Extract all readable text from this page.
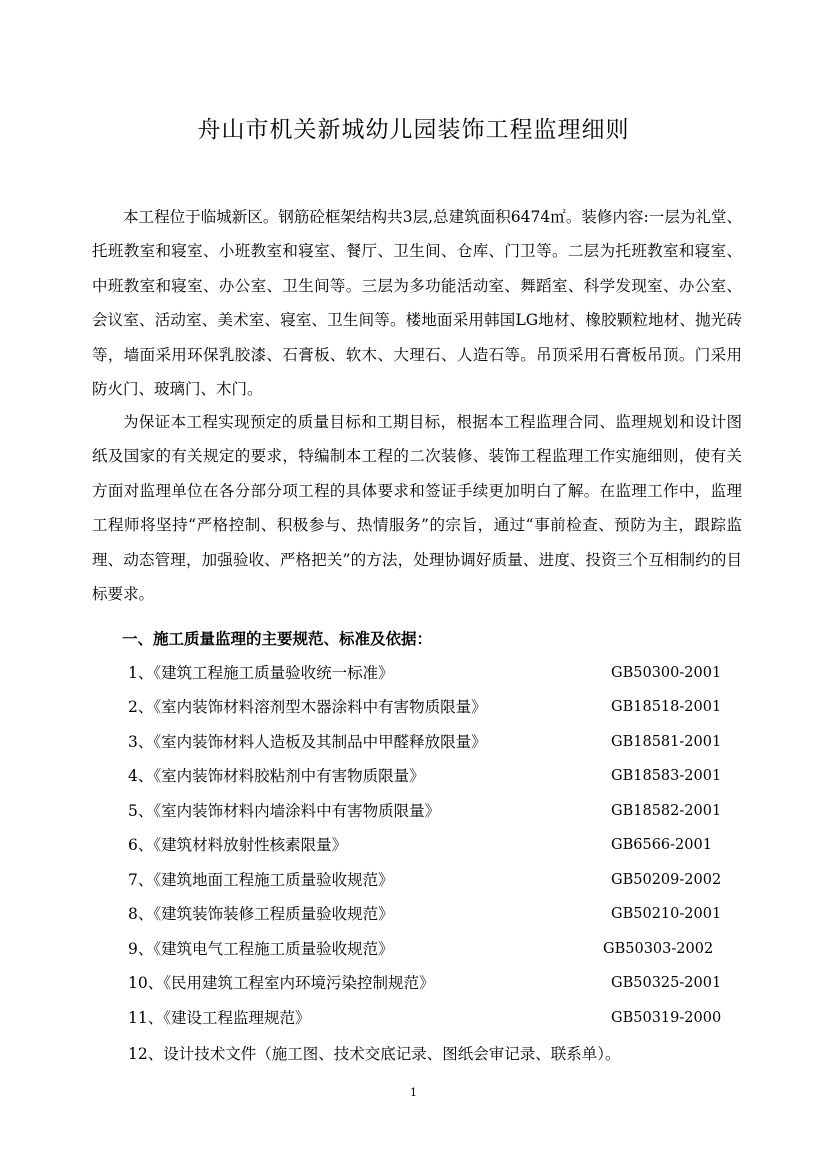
舟山市机关新城幼儿园装饰工程监理细则

本工程位于临城新区。钢筋砼框架结构共3层,总建筑面积6474㎡。装修内容:一层为礼堂、托班教室和寝室、小班教室和寝室、餐厅、卫生间、仓库、门卫等。二层为托班教室和寝室、中班教室和寝室、办公室、卫生间等。三层为多功能活动室、舞蹈室、科学发现室、办公室、会议室、活动室、美术室、寝室、卫生间等。楼地面采用韩国LG地材、橡胶颗粒地材、抛光砖等，墙面采用环保乳胶漆、石膏板、软木、大理石、人造石等。吊顶采用石膏板吊顶。门采用防火门、玻璃门、木门。

为保证本工程实现预定的质量目标和工期目标，根据本工程监理合同、监理规划和设计图纸及国家的有关规定的要求，特编制本工程的二次装修、装饰工程监理工作实施细则，使有关方面对监理单位在各分部分项工程的具体要求和签证手续更加明白了解。在监理工作中，监理工程师将坚持“严格控制、积极参与、热情服务”的宗旨，通过“事前检查、预防为主，跟踪监理、动态管理，加强验收、严格把关”的方法，处理协调好质量、进度、投资三个互相制约的目标要求。

一、施工质量监理的主要规范、标准及依据：
1、《建筑工程施工质量验收统一标准》	GB50300-2001
2、《室内装饰材料溶剂型木器涂料中有害物质限量》	GB18518-2001
3、《室内装饰材料人造板及其制品中甲醛释放限量》	GB18581-2001
4、《室内装饰材料胶粘剂中有害物质限量》	GB18583-2001
5、《室内装饰材料内墙涂料中有害物质限量》	GB18582-2001
6、《建筑材料放射性核素限量》	GB6566-2001
7、《建筑地面工程施工质量验收规范》	GB50209-2002
8、《建筑装饰装修工程质量验收规范》	GB50210-2001
9、《建筑电气工程施工质量验收规范》	GB50303-2002
10、《民用建筑工程室内环境污染控制规范》	GB50325-2001
11、《建设工程监理规范》	GB50319-2000
12、设计技术文件（施工图、技术交底记录、图纸会审记录、联系单）。
1
